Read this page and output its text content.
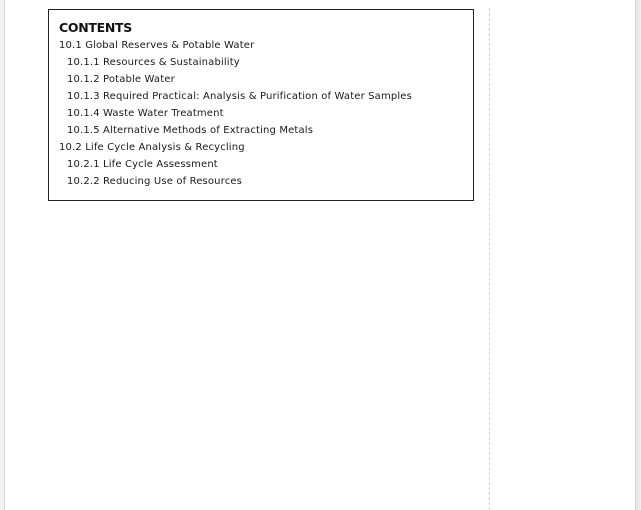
CONTENTS
10.1 Global Reserves & Potable Water
10.1.1 Resources & Sustainability
10.1.2 Potable Water
10.1.3 Required Practical: Analysis & Purification of Water Samples
10.1.4 Waste Water Treatment
10.1.5 Alternative Methods of Extracting Metals
10.2 Life Cycle Analysis & Recycling
10.2.1 Life Cycle Assessment
10.2.2 Reducing Use of Resources
